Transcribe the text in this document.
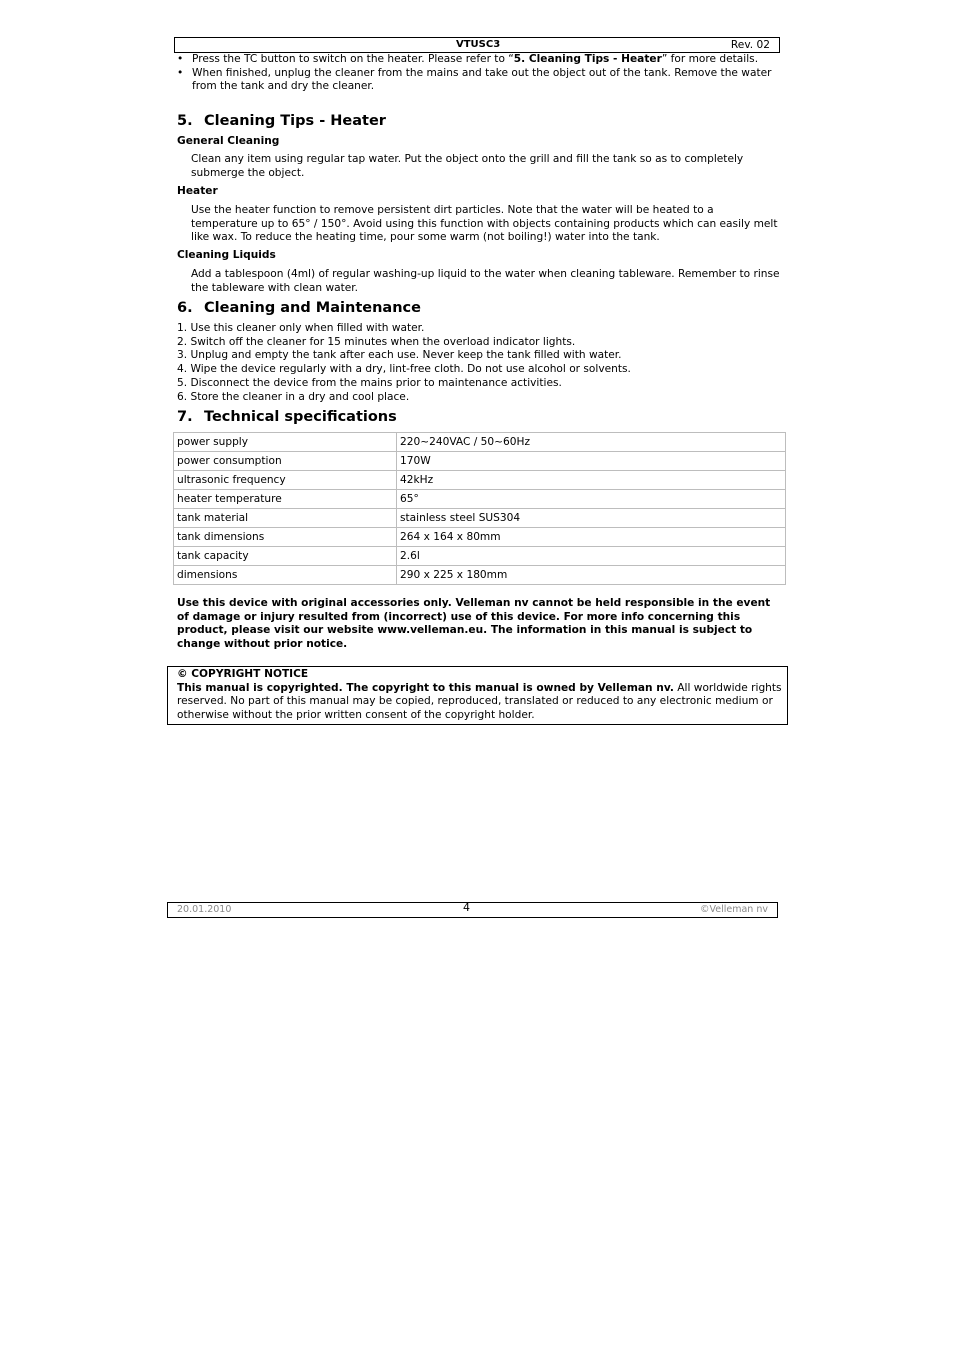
VTUSC3	Rev. 02
• Press the TC button to switch on the heater. Please refer to “5. Cleaning Tips - Heater” for more details.
• When finished, unplug the cleaner from the mains and take out the object out of the tank. Remove the water from the tank and dry the cleaner.
5. Cleaning Tips - Heater
General Cleaning
Clean any item using regular tap water. Put the object onto the grill and fill the tank so as to completely submerge the object.
Heater
Use the heater function to remove persistent dirt particles. Note that the water will be heated to a temperature up to 65° / 150°. Avoid using this function with objects containing products which can easily melt like wax. To reduce the heating time, pour some warm (not boiling!) water into the tank.
Cleaning Liquids
Add a tablespoon (4ml) of regular washing-up liquid to the water when cleaning tableware. Remember to rinse the tableware with clean water.
6. Cleaning and Maintenance
1. Use this cleaner only when filled with water.
2. Switch off the cleaner for 15 minutes when the overload indicator lights.
3. Unplug and empty the tank after each use. Never keep the tank filled with water.
4. Wipe the device regularly with a dry, lint-free cloth. Do not use alcohol or solvents.
5. Disconnect the device from the mains prior to maintenance activities.
6. Store the cleaner in a dry and cool place.
7. Technical specifications
power supply	220~240VAC / 50~60Hz
power consumption	170W
ultrasonic frequency	42kHz
heater temperature	65°
tank material	stainless steel SUS304
tank dimensions	264 x 164 x 80mm
tank capacity	2.6l
dimensions	290 x 225 x 180mm
Use this device with original accessories only. Velleman nv cannot be held responsible in the event of damage or injury resulted from (incorrect) use of this device. For more info concerning this product, please visit our website www.velleman.eu. The information in this manual is subject to change without prior notice.
© COPYRIGHT NOTICE
This manual is copyrighted. The copyright to this manual is owned by Velleman nv. All worldwide rights reserved. No part of this manual may be copied, reproduced, translated or reduced to any electronic medium or otherwise without the prior written consent of the copyright holder.
20.01.2010	4	©Velleman nv
